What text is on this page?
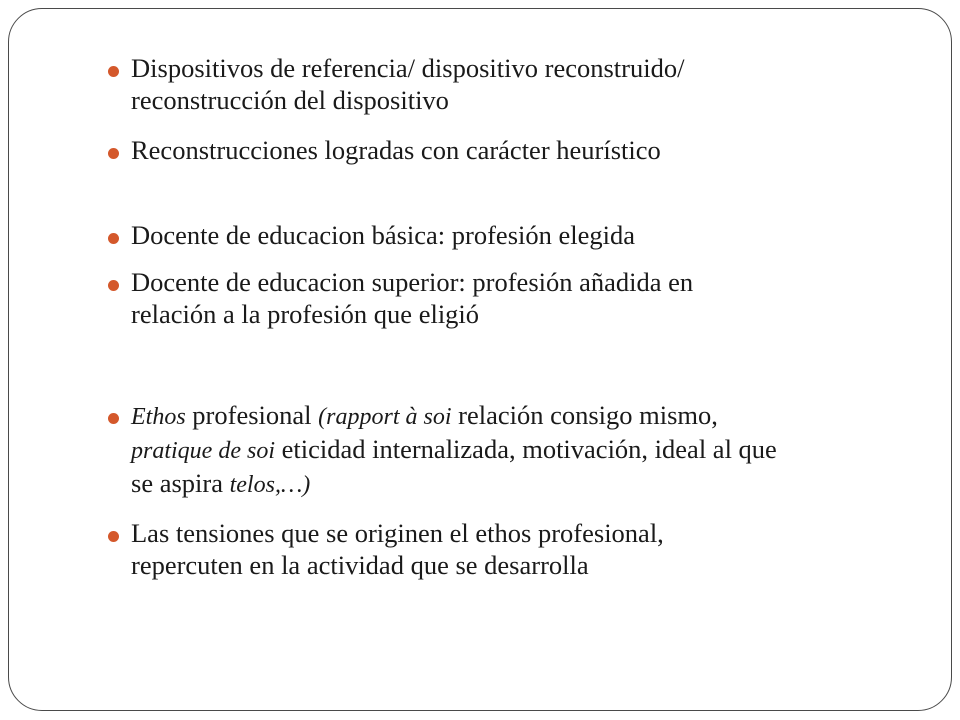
Dispositivos de referencia/ dispositivo reconstruido/
reconstrucción del dispositivo
Reconstrucciones logradas con carácter heurístico
Docente de educacion básica: profesión elegida
Docente de educacion superior: profesión añadida en
relación a la profesión que eligió
Ethos profesional (rapport à soi relación consigo mismo,
pratique de soi eticidad internalizada, motivación, ideal al que
se aspira telos,…)
Las tensiones que se originen el ethos profesional,
repercuten en la actividad que se desarrolla
